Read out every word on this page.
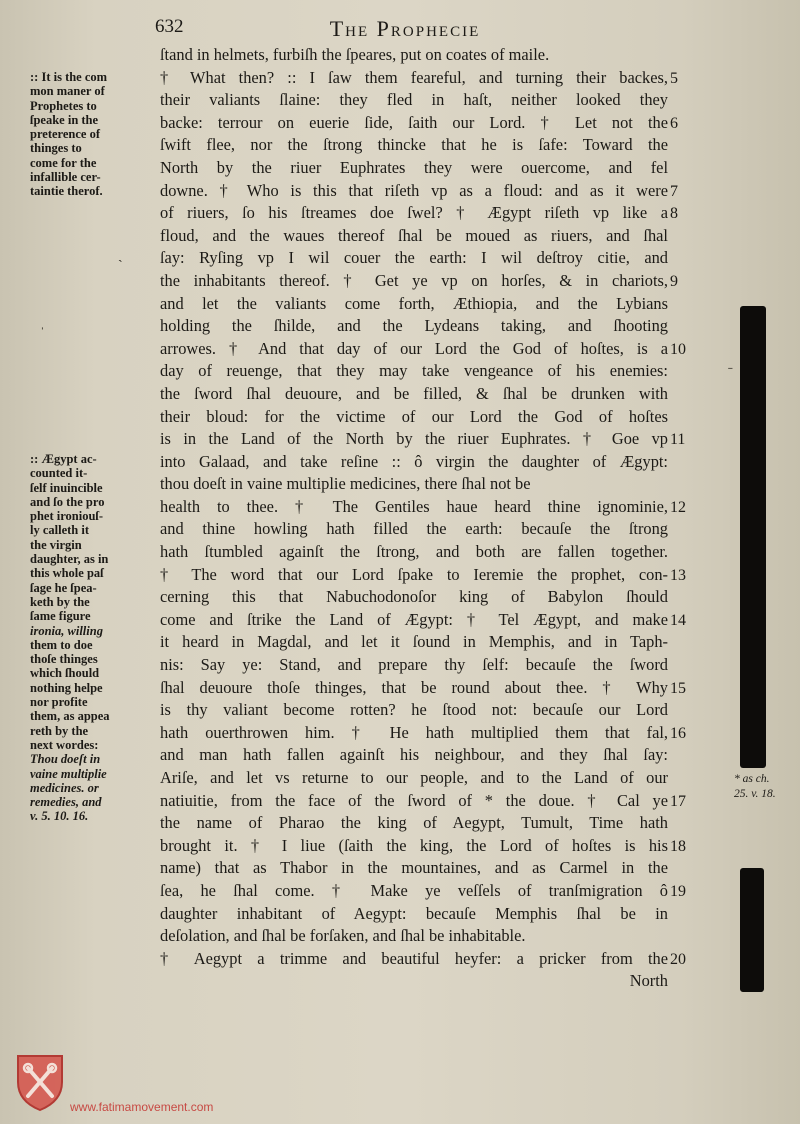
632	The Prophecie
ſtand in helmets, furbiſh the ſpeares, put on coates of maile.
† What then? :: I ſaw them feareful, and turning their backes,
their valiants ſlaine: they fled in haſt, neither looked they
backe: terrour on euerie ſide, ſaith our Lord. † Let not the
ſwift flee, nor the ſtrong thincke that he is ſafe: Toward the
North by the riuer Euphrates they were ouercome, and fel
downe. † Who is this that riſeth vp as a floud: and as it were
of riuers, ſo his ſtreames doe ſwel? † Ægypt riſeth vp like a
floud, and the waues thereof ſhal be moued as riuers, and ſhal
ſay: Ryſing vp I wil couer the earth: I wil deſtroy citie, and
the inhabitants thereof. † Get ye vp on horſes, & in chariots,
and let the valiants come forth, Æthiopia, and the Lybians
holding the ſhilde, and the Lydeans taking, and ſhooting
arrowes. † And that day of our Lord the God of hoſtes, is a
day of reuenge, that they may take vengeance of his enemies:
the ſword ſhal deuoure, and be filled, & ſhal be drunken with
their bloud: for the victime of our Lord the God of hoſtes
is in the Land of the North by the riuer Euphrates. † Goe vp
into Galaad, and take reſine :: ô virgin the daughter of Ægypt:
thou doeſt in vaine multiplie medicines, there ſhal not be
health to thee. † The Gentiles haue heard thine ignominie,
and thine howling hath filled the earth: becauſe the ſtrong
hath ſtumbled againſt the ſtrong, and both are fallen together.
† The word that our Lord ſpake to Ieremie the prophet, con-
cerning this that Nabuchodonoſor king of Babylon ſhould
come and ſtrike the Land of Ægypt: † Tel Ægypt, and make
it heard in Magdal, and let it ſound in Memphis, and in Taph-
nis: Say ye: Stand, and prepare thy ſelf: becauſe the ſword
ſhal deuoure thoſe thinges, that be round about thee. † Why
is thy valiant become rotten? he ſtood not: becauſe our Lord
hath ouerthrowen him. † He hath multiplied them that fal,
and man hath fallen againſt his neighbour, and they ſhal ſay:
Ariſe, and let vs returne to our people, and to the Land of our
natiuitie, from the face of the ſword of * the doue. † Cal ye
the name of Pharao the king of Aegypt, Tumult, Time hath
brought it. † I liue (ſaith the king, the Lord of hoſtes is his
name) that as Thabor in the mountaines, and as Carmel in the
ſea, he ſhal come. † Make ye veſſels of tranſmigration ô
daughter inhabitant of Aegypt: becauſe Memphis ſhal be in
deſolation, and ſhal be forſaken, and ſhal be inhabitable.
† Aegypt a trimme and beautiful heyfer: a pricker from the
North
5
6
7
8
9
10
11
12
13
14
15
16
17
18
19
20
:: It is the com
mon maner of
Prophetes to
ſpeake in the
preterence of
thinges to
come for the
infallible cer-
taintie therof.
:: Ægypt ac-
counted it-
ſelf inuincible
and ſo the pro
phet ironiouſ-
ly calleth it
the virgin
daughter, as in
this whole paſ
ſage he ſpea-
keth by the
ſame figure
ironia, willing
them to doe
thoſe thinges
which ſhould
nothing helpe
nor profite
them, as appea
reth by the
next wordes:
Thou doeſt in
vaine multiplie
medicines. or
remedies, and
v. 5. 10. 16.
* as ch.
25. v. 18.
ˏ
ˈ
˗
www.fatimamovement.com
